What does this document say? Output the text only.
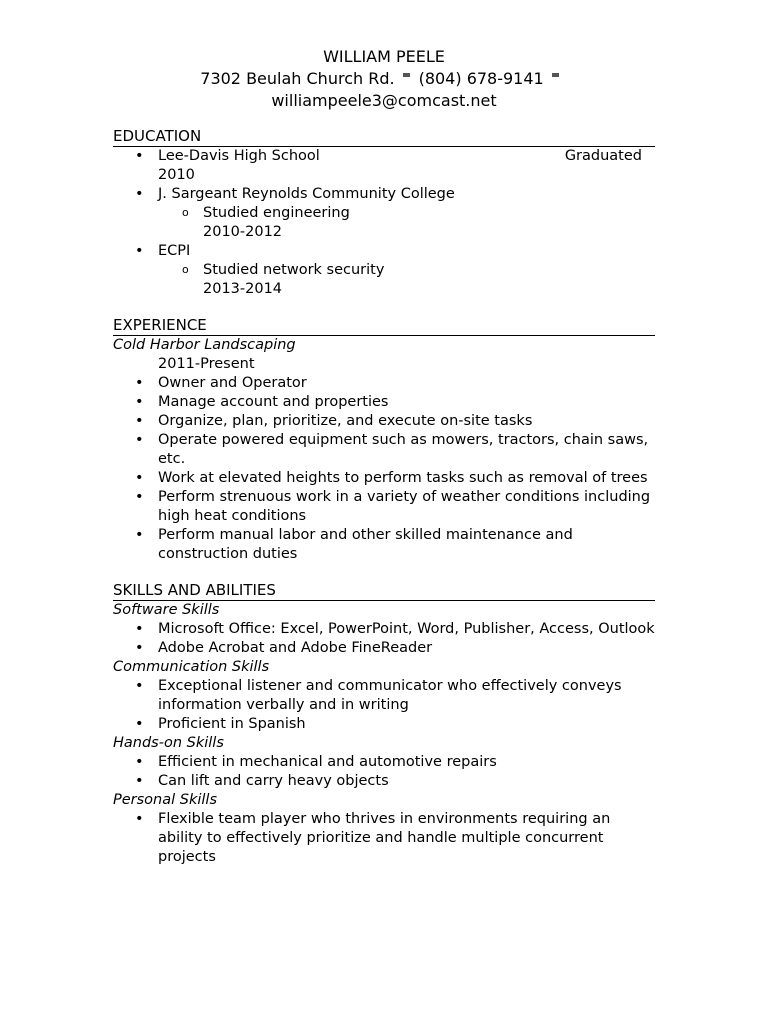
WILLIAM PEELE
7302 Beulah Church Rd. (804) 678-9141
williampeele3@comcast.net
EDUCATION
• Lee-Davis High School	Graduated
2010
• J. Sargeant Reynolds Community College
o Studied engineering
2010-2012
• ECPI
o Studied network security
2013-2014
EXPERIENCE
Cold Harbor Landscaping
2011-Present
• Owner and Operator
• Manage account and properties
• Organize, plan, prioritize, and execute on-site tasks
• Operate powered equipment such as mowers, tractors, chain saws, etc.
• Work at elevated heights to perform tasks such as removal of trees
• Perform strenuous work in a variety of weather conditions including high heat conditions
• Perform manual labor and other skilled maintenance and construction duties
SKILLS AND ABILITIES
Software Skills
• Microsoft Office: Excel, PowerPoint, Word, Publisher, Access, Outlook
• Adobe Acrobat and Adobe FineReader
Communication Skills
• Exceptional listener and communicator who effectively conveys information verbally and in writing
• Proficient in Spanish
Hands-on Skills
• Efficient in mechanical and automotive repairs
• Can lift and carry heavy objects
Personal Skills
• Flexible team player who thrives in environments requiring an ability to effectively prioritize and handle multiple concurrent projects
